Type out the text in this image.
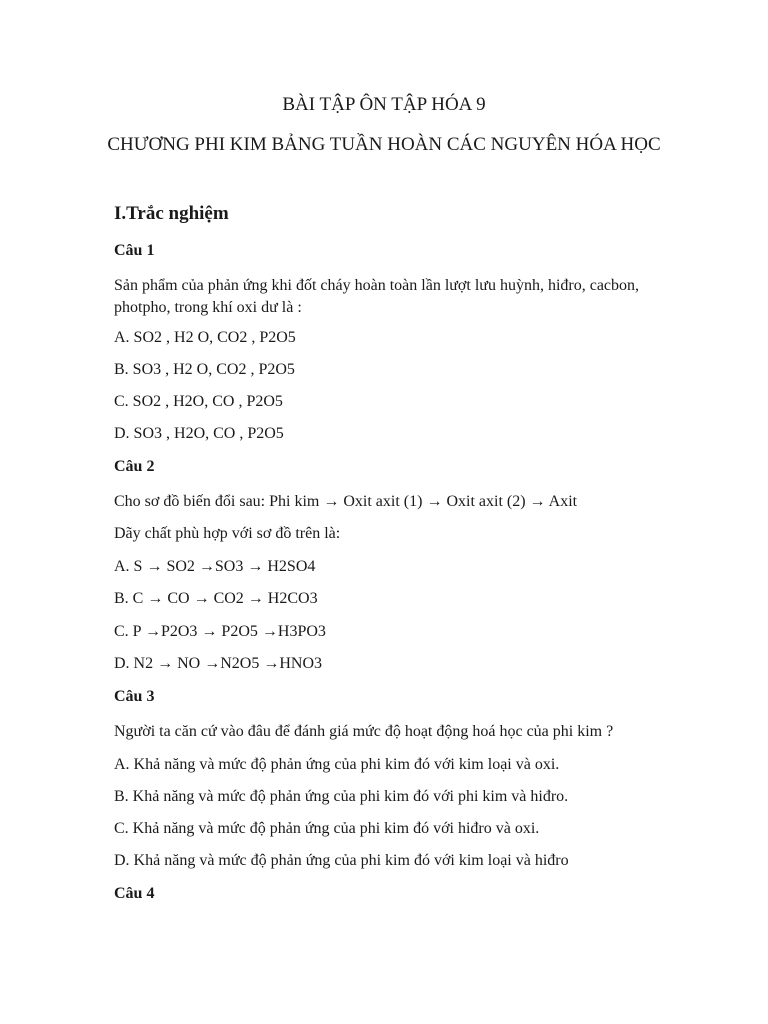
BÀI TẬP ÔN TẬP HÓA 9
CHƯƠNG PHI KIM BẢNG TUẦN HOÀN CÁC NGUYÊN HÓA HỌC
I.Trắc nghiệm
Câu 1
Sản phẩm của phản ứng khi đốt cháy hoàn toàn lần lượt lưu huỳnh, hiđro, cacbon, photpho, trong khí oxi dư là :
A. SO2 , H2 O, CO2 , P2O5
B. SO3 , H2 O, CO2 , P2O5
C. SO2 , H2O, CO , P2O5
D. SO3 , H2O, CO , P2O5
Câu 2
Cho sơ đồ biến đổi sau: Phi kim → Oxit axit (1) → Oxit axit (2) → Axit
Dãy chất phù hợp với sơ đồ trên là:
A. S → SO2 →SO3 → H2SO4
B. C → CO → CO2 → H2CO3
C. P →P2O3 → P2O5 →H3PO3
D. N2 → NO →N2O5 →HNO3
Câu 3
Người ta căn cứ vào đâu để đánh giá mức độ hoạt động hoá học của phi kim ?
A. Khả năng và mức độ phản ứng của phi kim đó với kim loại và oxi.
B. Khả năng và mức độ phản ứng của phi kim đó với phi kim và hiđro.
C. Khả năng và mức độ phản ứng của phi kim đó với hiđro và oxi.
D. Khả năng và mức độ phản ứng của phi kim đó với kim loại và hiđro
Câu 4
